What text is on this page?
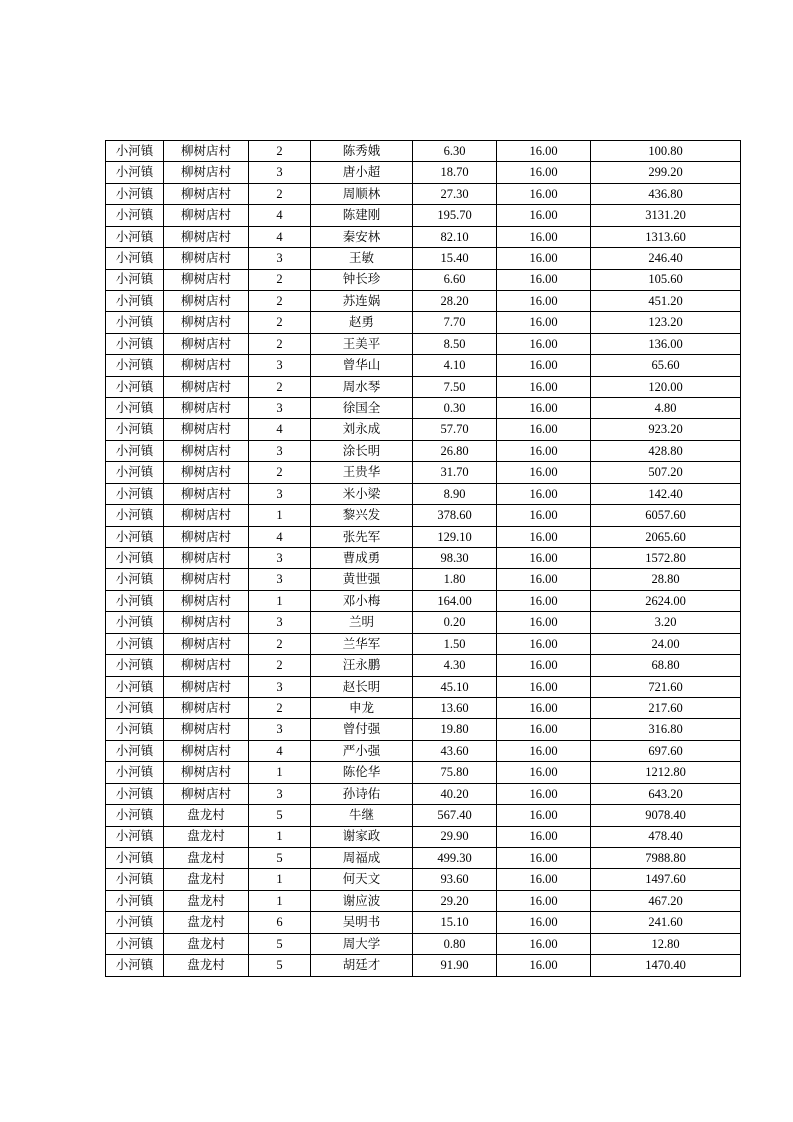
小河镇	柳树店村	2	陈秀娥	6.30	16.00	100.80
小河镇	柳树店村	3	唐小超	18.70	16.00	299.20
小河镇	柳树店村	2	周顺林	27.30	16.00	436.80
小河镇	柳树店村	4	陈建刚	195.70	16.00	3131.20
小河镇	柳树店村	4	秦安林	82.10	16.00	1313.60
小河镇	柳树店村	3	王敏	15.40	16.00	246.40
小河镇	柳树店村	2	钟长珍	6.60	16.00	105.60
小河镇	柳树店村	2	苏连娲	28.20	16.00	451.20
小河镇	柳树店村	2	赵勇	7.70	16.00	123.20
小河镇	柳树店村	2	王美平	8.50	16.00	136.00
小河镇	柳树店村	3	曾华山	4.10	16.00	65.60
小河镇	柳树店村	2	周水琴	7.50	16.00	120.00
小河镇	柳树店村	3	徐国全	0.30	16.00	4.80
小河镇	柳树店村	4	刘永成	57.70	16.00	923.20
小河镇	柳树店村	3	涂长明	26.80	16.00	428.80
小河镇	柳树店村	2	王贵华	31.70	16.00	507.20
小河镇	柳树店村	3	米小梁	8.90	16.00	142.40
小河镇	柳树店村	1	黎兴发	378.60	16.00	6057.60
小河镇	柳树店村	4	张先军	129.10	16.00	2065.60
小河镇	柳树店村	3	曹成勇	98.30	16.00	1572.80
小河镇	柳树店村	3	黄世强	1.80	16.00	28.80
小河镇	柳树店村	1	邓小梅	164.00	16.00	2624.00
小河镇	柳树店村	3	兰明	0.20	16.00	3.20
小河镇	柳树店村	2	兰华军	1.50	16.00	24.00
小河镇	柳树店村	2	汪永鹏	4.30	16.00	68.80
小河镇	柳树店村	3	赵长明	45.10	16.00	721.60
小河镇	柳树店村	2	申龙	13.60	16.00	217.60
小河镇	柳树店村	3	曾付强	19.80	16.00	316.80
小河镇	柳树店村	4	严小强	43.60	16.00	697.60
小河镇	柳树店村	1	陈伦华	75.80	16.00	1212.80
小河镇	柳树店村	3	孙诗佑	40.20	16.00	643.20
小河镇	盘龙村	5	牛继	567.40	16.00	9078.40
小河镇	盘龙村	1	谢家政	29.90	16.00	478.40
小河镇	盘龙村	5	周福成	499.30	16.00	7988.80
小河镇	盘龙村	1	何天文	93.60	16.00	1497.60
小河镇	盘龙村	1	谢应波	29.20	16.00	467.20
小河镇	盘龙村	6	吴明书	15.10	16.00	241.60
小河镇	盘龙村	5	周大学	0.80	16.00	12.80
小河镇	盘龙村	5	胡廷才	91.90	16.00	1470.40
